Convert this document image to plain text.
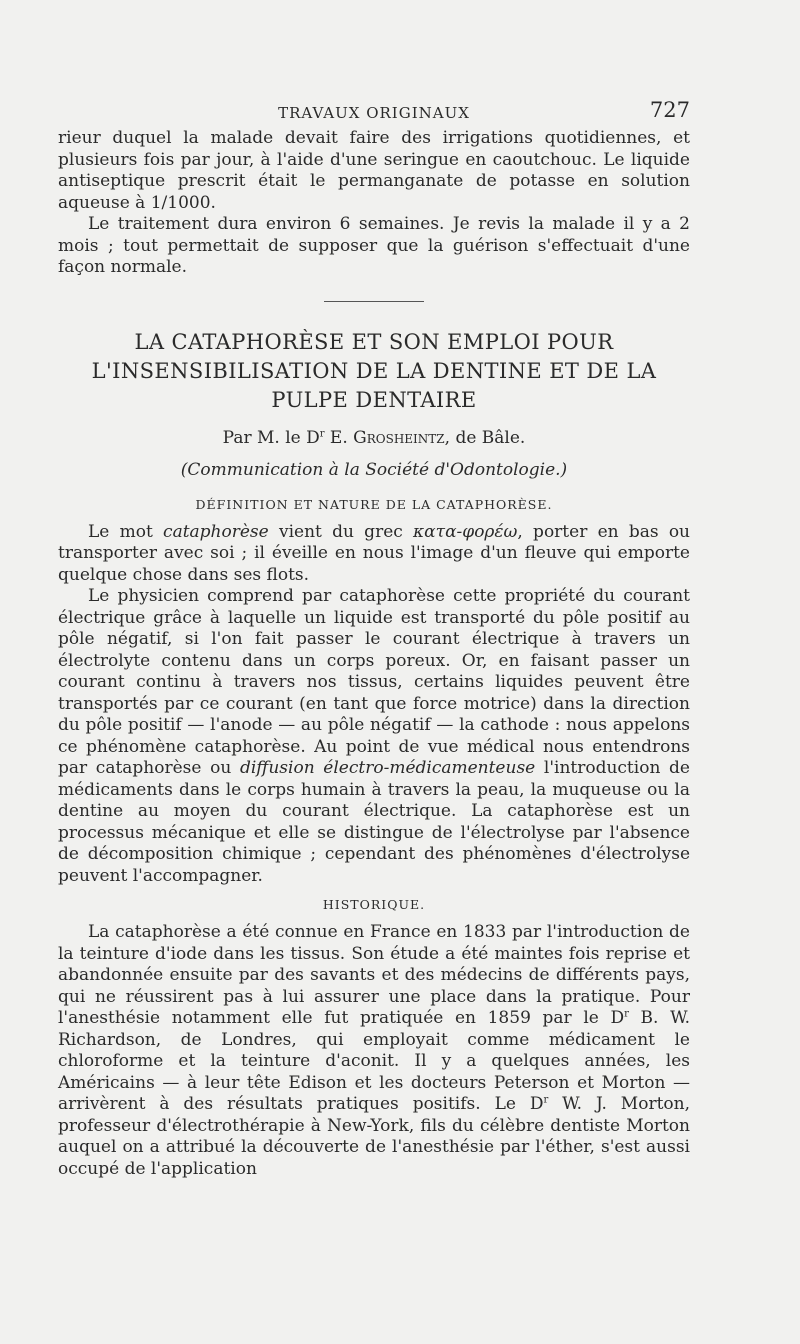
TRAVAUX ORIGINAUX	727

rieur duquel la malade devait faire des irrigations quotidiennes, et plusieurs fois par jour, à l'aide d'une seringue en caoutchouc. Le liquide antiseptique prescrit était le permanganate de potasse en solution aqueuse à 1/1000.

Le traitement dura environ 6 semaines. Je revis la malade il y a 2 mois ; tout permettait de supposer que la guérison s'effectuait d'une façon normale.

LA CATAPHORÈSE ET SON EMPLOI POUR L'INSENSIBILISATION DE LA DENTINE ET DE LA PULPE DENTAIRE
Par M. le $D^r$ E. Grosheintz, de Bâle.
(Communication à la Société d'Odontologie.)
DÉFINITION ET NATURE DE LA CATAPHORÈSE.

Le mot cataphorèse vient du grec κατα-φορέω, porter en bas ou transporter avec soi ; il éveille en nous l'image d'un fleuve qui emporte quelque chose dans ses flots.

Le physicien comprend par cataphorèse cette propriété du courant électrique grâce à laquelle un liquide est transporté du pôle positif au pôle négatif, si l'on fait passer le courant électrique à travers un électrolyte contenu dans un corps poreux. Or, en faisant passer un courant continu à travers nos tissus, certains liquides peuvent être transportés par ce courant (en tant que force motrice) dans la direction du pôle positif — l'anode — au pôle négatif — la cathode : nous appelons ce phénomène cataphorèse. Au point de vue médical nous entendrons par cataphorèse ou diffusion électro-médicamenteuse l'introduction de médicaments dans le corps humain à travers la peau, la muqueuse ou la dentine au moyen du courant électrique. La cataphorèse est un processus mécanique et elle se distingue de l'électrolyse par l'absence de décomposition chimique ; cependant des phénomènes d'électrolyse peuvent l'accompagner.

HISTORIQUE.

La cataphorèse a été connue en France en 1833 par l'introduction de la teinture d'iode dans les tissus. Son étude a été maintes fois reprise et abandonnée ensuite par des savants et des médecins de différents pays, qui ne réussirent pas à lui assurer une place dans la pratique. Pour l'anesthésie notamment elle fut pratiquée en 1859 par le $D^r$ B. W. Richardson, de Londres, qui employait comme médicament le chloroforme et la teinture d'aconit. Il y a quelques années, les Américains — à leur tête Edison et les docteurs Peterson et Morton — arrivèrent à des résultats pratiques positifs. Le $D^r$ W. J. Morton, professeur d'électrothérapie à New-York, fils du célèbre dentiste Morton auquel on a attribué la découverte de l'anesthésie par l'éther, s'est aussi occupé de l'application
